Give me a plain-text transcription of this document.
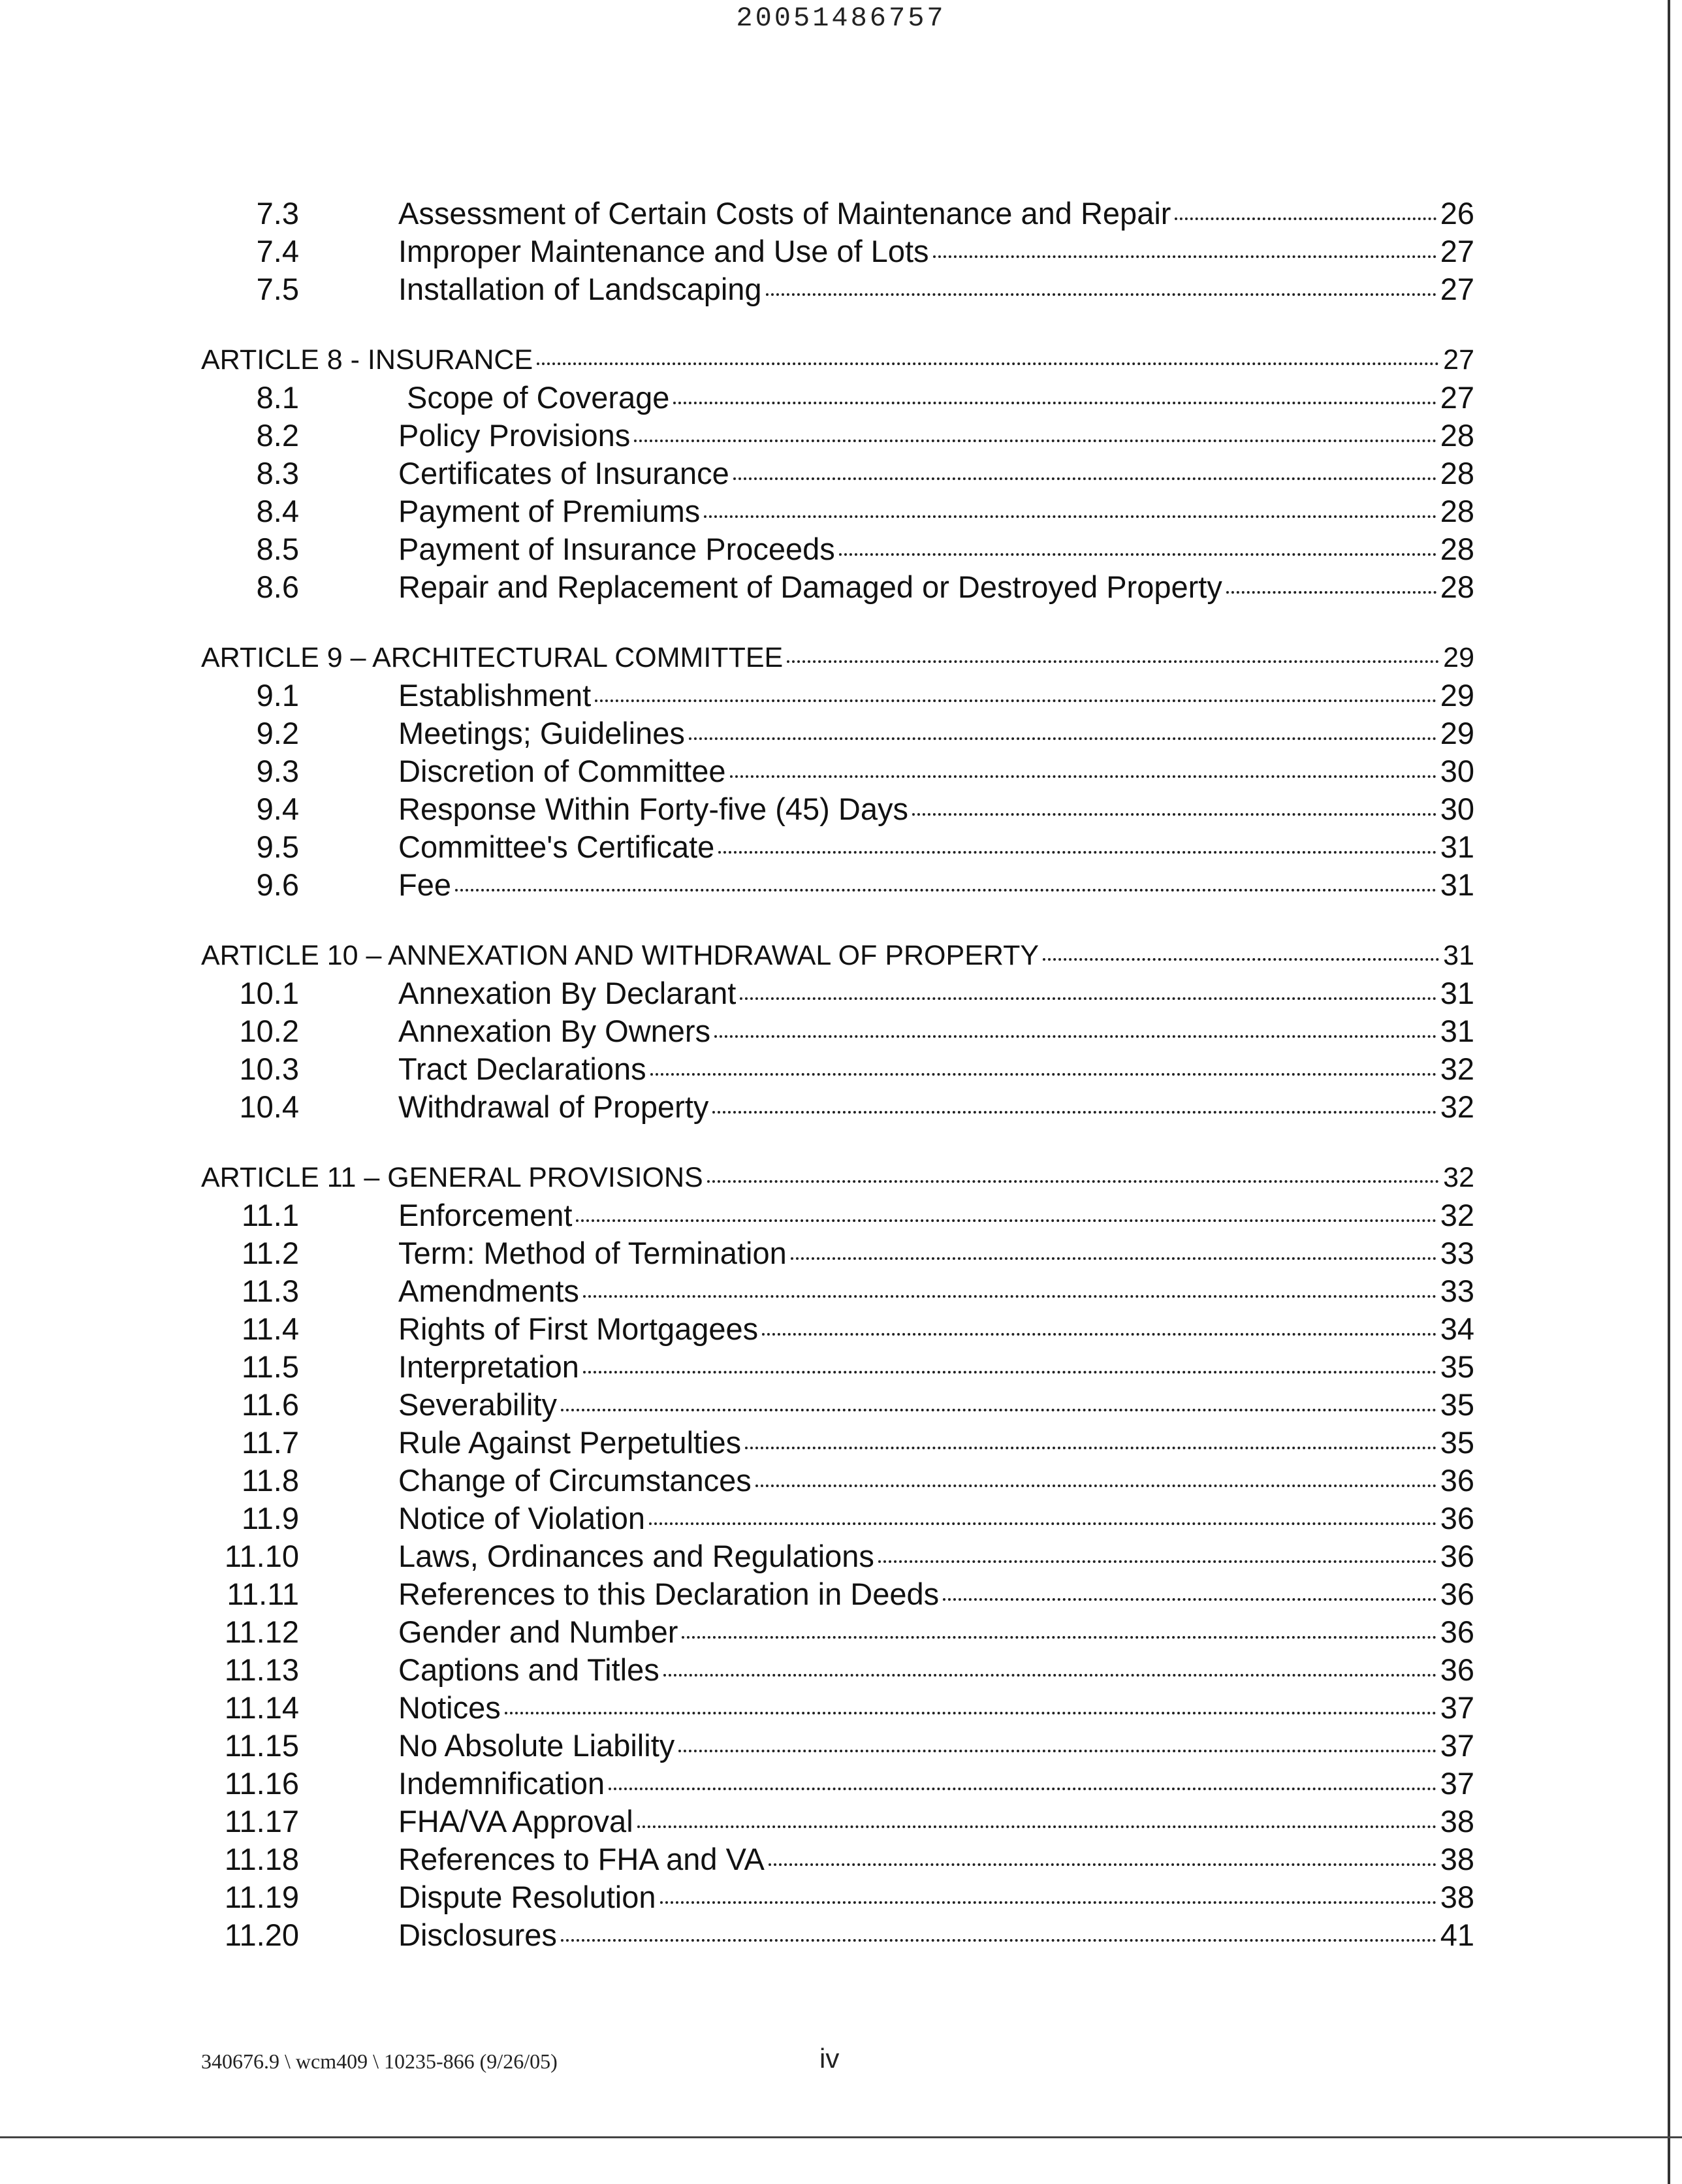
20051486757
7.3	Assessment of Certain Costs of Maintenance and Repair	26
7.4	Improper Maintenance and Use of Lots	27
7.5	Installation of Landscaping	27
ARTICLE 8 - INSURANCE	27
8.1	Scope of Coverage	27
8.2	Policy Provisions	28
8.3	Certificates of Insurance	28
8.4	Payment of Premiums	28
8.5	Payment of Insurance Proceeds	28
8.6	Repair and Replacement of Damaged or Destroyed Property	28
ARTICLE 9 – ARCHITECTURAL COMMITTEE	29
9.1	Establishment	29
9.2	Meetings; Guidelines	29
9.3	Discretion of Committee	30
9.4	Response Within Forty-five (45) Days	30
9.5	Committee's Certificate	31
9.6	Fee	31
ARTICLE 10 – ANNEXATION AND WITHDRAWAL OF PROPERTY	31
10.1	Annexation By Declarant	31
10.2	Annexation By Owners	31
10.3	Tract Declarations	32
10.4	Withdrawal of Property	32
ARTICLE 11 – GENERAL PROVISIONS	32
11.1	Enforcement	32
11.2	Term: Method of Termination	33
11.3	Amendments	33
11.4	Rights of First Mortgagees	34
11.5	Interpretation	35
11.6	Severability	35
11.7	Rule Against Perpetulties	35
11.8	Change of Circumstances	36
11.9	Notice of Violation	36
11.10	Laws, Ordinances and Regulations	36
11.11	References to this Declaration in Deeds	36
11.12	Gender and Number	36
11.13	Captions and Titles	36
11.14	Notices	37
11.15	No Absolute Liability	37
11.16	Indemnification	37
11.17	FHA/VA Approval	38
11.18	References to FHA and VA	38
11.19	Dispute Resolution	38
11.20	Disclosures	41
340676.9 \ wcm409 \ 10235-866 (9/26/05)	iv
